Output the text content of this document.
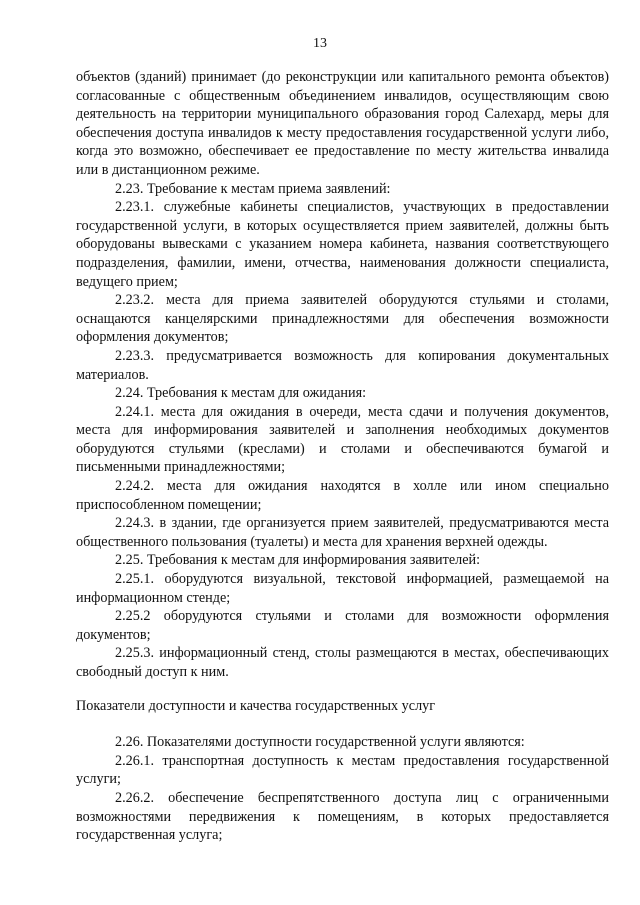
13

объектов (зданий) принимает (до реконструкции или капитального ремонта объектов) согласованные с общественным объединением инвалидов, осуществляющим свою деятельность на территории муниципального образования город Салехард, меры для обеспечения доступа инвалидов к месту предоставления государственной услуги либо, когда это возможно, обеспечивает ее предоставление по месту жительства инвалида или в дистанционном режиме.

2.23. Требование к местам приема заявлений:

2.23.1. служебные кабинеты специалистов, участвующих в предоставлении государственной услуги, в которых осуществляется прием заявителей, должны быть оборудованы вывесками с указанием номера кабинета, названия соответствующего подразделения, фамилии, имени, отчества, наименования должности специалиста, ведущего прием;

2.23.2. места для приема заявителей оборудуются стульями и столами, оснащаются канцелярскими принадлежностями для обеспечения возможности оформления документов;

2.23.3. предусматривается возможность для копирования документальных материалов.

2.24. Требования к местам для ожидания:

2.24.1. места для ожидания в очереди, места сдачи и получения документов, места для информирования заявителей и заполнения необходимых документов оборудуются стульями (креслами) и столами и обеспечиваются бумагой и письменными принадлежностями;

2.24.2. места для ожидания находятся в холле или ином специально приспособленном помещении;

2.24.3. в здании, где организуется прием заявителей, предусматриваются места общественного пользования (туалеты) и места для хранения верхней одежды.

2.25. Требования к местам для информирования заявителей:

2.25.1. оборудуются визуальной, текстовой информацией, размещаемой на информационном стенде;

2.25.2 оборудуются стульями и столами для возможности оформления документов;

2.25.3. информационный стенд, столы размещаются в местах, обеспечивающих свободный доступ к ним.

Показатели доступности и качества государственных услуг

2.26. Показателями доступности государственной услуги являются:

2.26.1. транспортная доступность к местам предоставления государственной услуги;

2.26.2. обеспечение беспрепятственного доступа лиц с ограниченными возможностями передвижения к помещениям, в которых предоставляется государственная услуга;
